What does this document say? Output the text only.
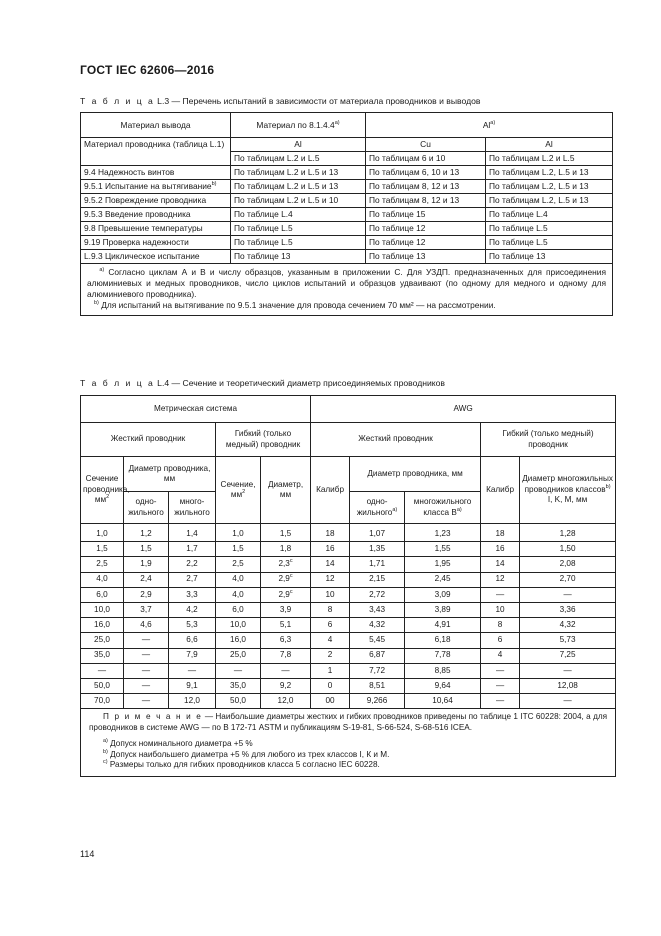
ГОСТ IEC 62606—2016
Т а б л и ц а L.3 — Перечень испытаний в зависимости от материала проводников и выводов
Материал вывода	Материал по 8.1.4.4$^{a)}$	Al$^{a)}$
Материал проводника (таблица L.1)	Al	Cu	Al
	По таблицам L.2 и L.5	По таблицам 6 и 10	По таблицам L.2 и L.5
9.4 Надежность винтов	По таблицам L.2 и L.5 и 13	По таблицам 6, 10 и 13	По таблицам L.2, L.5 и 13
9.5.1 Испытание на вытягивание$^{b)}$	По таблицам L.2 и L.5 и 13	По таблицам 8, 12 и 13	По таблицам L.2, L.5 и 13
9.5.2 Повреждение проводника	По таблицам L.2 и L.5 и 10	По таблицам 8, 12 и 13	По таблицам L.2, L.5 и 13
9.5.3 Введение проводника	По таблице L.4	По таблице 15	По таблице L.4
9.8 Превышение температуры	По таблице L.5	По таблице 12	По таблице L.5
9.19 Проверка надежности	По таблице L.5	По таблице 12	По таблице L.5
L.9.3 Циклическое испытание	По таблице 13	По таблице 13	По таблице 13

$^{a)}$ Согласно циклам А и В и числу образцов, указанным в приложении С. Для УЗДП. предназначенных для присоединения алюминиевых и медных проводников, число циклов испытаний и образцов удваивают (по одному для медного и одному для алюминиевого проводника).
$^{b)}$ Для испытаний на вытягивание по 9.5.1 значение для провода сечением 70 мм² — на рассмотрении.			
Т а б л и ц а L.4 — Сечение и теоретический диаметр присоединяемых проводников
Метрическая система					AWG				
Жесткий проводник			Гибкий (только медный) проводник		Жесткий проводник			Гибкий (только медный) проводник	
Сечение проводника, $мм^2$	Диаметр проводника, мм		Сечение, $мм^2$	Диаметр, мм	Калибр	Диаметр проводника, мм		Калибр	Диаметр многожильных проводников классов$^{b)}$ I, K, M, мм
	одно-жильного	много-жильного				одно-жильного$^{a)}$	многожильного класса $B^{a)}$
1,0	1,2	1,4	1,0	1,5	18	1,07	1,23	18	1,28
1,5	1,5	1,7	1,5	1,8	16	1,35	1,55	16	1,50
2,5	1,9	2,2	2,5	2,3$^c$	14	1,71	1,95	14	2,08
4,0	2,4	2,7	4,0	2,9$^c$	12	2,15	2,45	12	2,70
6,0	2,9	3,3	4,0	2,9$^c$	10	2,72	3,09	—	—
10,0	3,7	4,2	6,0	3,9	8	3,43	3,89	10	3,36
16,0	4,6	5,3	10,0	5,1	6	4,32	4,91	8	4,32
25,0	—	6,6	16,0	6,3	4	5,45	6,18	6	5,73
35,0	—	7,9	25,0	7,8	2	6,87	7,78	4	7,25
—	—	—	—	—	1	7,72	8,85	—	—
50,0	—	9,1	35,0	9,2	0	8,51	9,64	—	12,08
70,0	—	12,0	50,0	12,0	00	9,266	10,64	—	—

П р и м е ч а н и е — Наибольшие диаметры жестких и гибких проводников приведены по таблице 1 ITC 60228: 2004, а для проводников в системе AWG — по В 172-71 ASTM и публикациям S-19-81, S-66-524, S-68-516 ICEA.
$^{a)}$ Допуск номинального диаметра +5 %
$^{b)}$ Допуск наибольшего диаметра +5 % для любого из трех классов I, К и М.
$^{c)}$ Размеры только для гибких проводников класса 5 согласно IEC 60228.									
114
